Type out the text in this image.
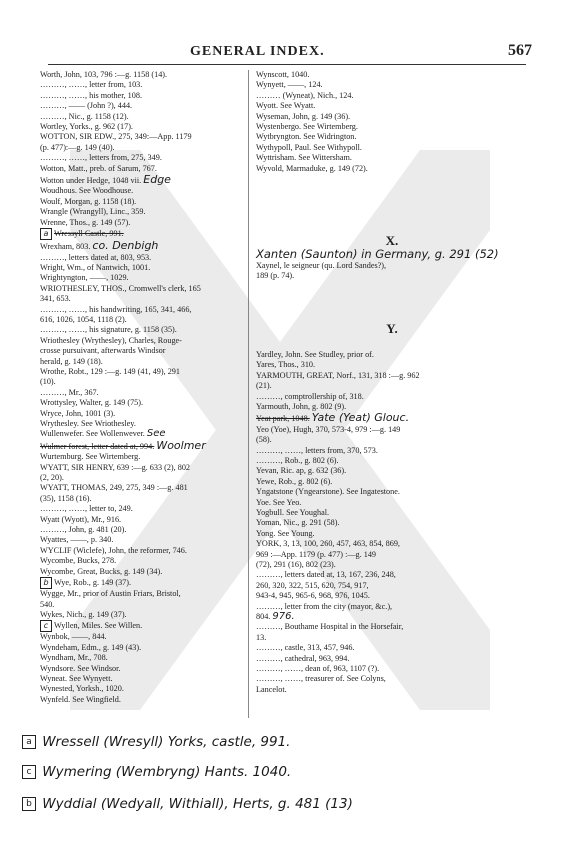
GENERAL INDEX.	567
Worth, John, 103, 796 :—g. 1158 (14).
………, ……, letter from, 103.
………, ……, his mother, 108.
………, —— (John ?), 444.
………, Nic., g. 1158 (12).
Wortley, Yorks., g. 962 (17).
WOTTON, SIR EDW., 275, 349:—App. 1179
(p. 477):—g. 149 (40).
………, ……, letters from, 275, 349.
Wotton, Matt., preb. of Sarum, 767.
Wotton under Hedge, 1048 vii. Edge
Woudhous. See Woodhouse.
Woulf, Morgan, g. 1158 (18).
Wrangle (Wrangyll), Linc., 359.
Wrenne, Thos., g. 149 (57).
a Wressyll Castle, 991.
Wrexham, 803. co. Denbigh
………, letters dated at, 803, 953.
Wright, Wm., of Nantwich, 1001.
Wrightyngton, ——, 1029.
WRIOTHESLEY, THOS., Cromwell's clerk, 165
341, 653.
………, ……, his handwriting, 165, 341, 466,
616, 1026, 1054, 1118 (2).
………, ……, his signature, g. 1158 (35).
Wriothesley (Wrythesley), Charles, Rouge-
crosse pursuivant, afterwards Windsor
herald, g. 149 (18).
Wrothe, Robt., 129 :—g. 149 (41, 49), 291
(10).
………, Mr., 367.
Wrottysley, Walter, g. 149 (75).
Wryce, John, 1001 (3).
Wrythesley. See Wriothesley.
Wullenwefer. See Wollenwever. See
Wulmer forest, letter dated at, 994. Woolmer
Wurtemburg. See Wirtemberg.
WYATT, SIR HENRY, 639 :—g. 633 (2), 802
(2, 20).
WYATT, THOMAS, 249, 275, 349 :—g. 481
(35), 1158 (16).
………, ……, letter to, 249.
Wyatt (Wyott), Mr., 916.
………, John, g. 481 (20).
Wyattes, ——, p. 340.
WYCLIF (Wiclefe), John, the reformer, 746.
Wycombe, Bucks, 278.
Wycombe, Great, Bucks, g. 149 (34).
b Wye, Rob., g. 149 (37).
Wygge, Mr., prior of Austin Friars, Bristol,
540.
Wykes, Nich., g. 149 (37).
c Wyllen, Miles. See Willen.
Wynbok, ——, 844.
Wyndeham, Edm., g. 149 (43).
Wyndham, Mr., 708.
Wyndsore. See Windsor.
Wyneat. See Wynyett.
Wynested, Yorksh., 1020.
Wynfeld. See Wingfield.
Wynscott, 1040.
Wynyett, ——, 124.
……… (Wyneat), Nich., 124.
Wyott. See Wyatt.
Wyseman, John, g. 149 (36).
Wystenbergo. See Wirtemberg.
Wytbryngton. See Widrington.
Wythypoll, Paul. See Withypoll.
Wyttrisham. See Wittersham.
Wyvold, Marmaduke, g. 149 (72).
X.
Xanten (Saunton) in Germany, g. 291 (52)
Xaynel, le seigneur (qu. Lord Sandes?),
189 (p. 74).
Y.
Yardley, John. See Studley, prior of.
Yares, Thos., 310.
YARMOUTH, GREAT, Norf., 131, 318 :—g. 962
(21).
………, comptrollership of, 318.
Yarmouth, John, g. 802 (9).
Yeat park, 1048. Yate (Yeat) Glouc.
Yeo (Yoe), Hugh, 370, 573-4, 979 :—g. 149
(58).
………, ……, letters from, 370, 573.
………, Rob., g. 802 (6).
Yevan, Ric. ap, g. 632 (36).
Yewe, Rob., g. 802 (6).
Yngatstone (Yngearstone). See Ingatestone.
Yoe. See Yeo.
Yogbull. See Youghal.
Yoman, Nic., g. 291 (58).
Yong. See Young.
YORK, 3, 13, 100, 260, 457, 463, 854, 869,
969 :—App. 1179 (p. 477) :—g. 149
(72), 291 (16), 802 (23).
………, letters dated at, 13, 167, 236, 248,
260, 320, 322, 515, 620, 754, 917,
943-4, 945, 965-6, 968, 976, 1045.
………, letter from the city (mayor, &c.),
804. 976.
………, Bouthame Hospital in the Horsefair,
13.
………, castle, 313, 457, 946.
………, cathedral, 963, 994.
………, ……, dean of, 963, 1107 (?).
………, ……, treasurer of. See Colyns,
Lancelot.
a Wressell (Wresyll) Yorks, castle, 991.
c Wymering (Wembryng) Hants. 1040.
b Wyddial (Wedyall, Withiall), Herts, g. 481 (13)
